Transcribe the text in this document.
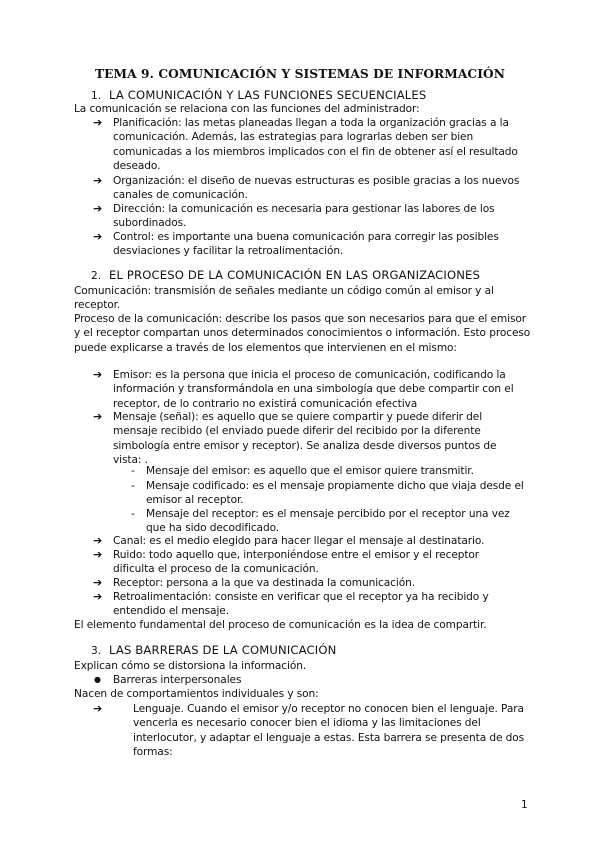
TEMA 9. COMUNICACIÓN Y SISTEMAS DE INFORMACIÓN
1. LA COMUNICACIÓN Y LAS FUNCIONES SECUENCIALES
La comunicación se relaciona con las funciones del administrador:
➔ Planificación: las metas planeadas llegan a toda la organización gracias a la comunicación. Además, las estrategias para lograrlas deben ser bien comunicadas a los miembros implicados con el fin de obtener así el resultado deseado.
➔ Organización: el diseño de nuevas estructuras es posible gracias a los nuevos canales de comunicación.
➔ Dirección: la comunicación es necesaria para gestionar las labores de los subordinados.
➔ Control: es importante una buena comunicación para corregir las posibles desviaciones y facilitar la retroalimentación.
2. EL PROCESO DE LA COMUNICACIÓN EN LAS ORGANIZACIONES
Comunicación: transmisión de señales mediante un código común al emisor y al receptor.
Proceso de la comunicación: describe los pasos que son necesarios para que el emisor y el receptor compartan unos determinados conocimientos o información. Esto proceso puede explicarse a través de los elementos que intervienen en el mismo:
➔ Emisor: es la persona que inicia el proceso de comunicación, codificando la información y transformándola en una simbología que debe compartir con el receptor, de lo contrario no existirá comunicación efectiva
➔ Mensaje (señal): es aquello que se quiere compartir y puede diferir del mensaje recibido (el enviado puede diferir del recibido por la diferente simbología entre emisor y receptor). Se analiza desde diversos puntos de vista: .
- Mensaje del emisor: es aquello que el emisor quiere transmitir.
- Mensaje codificado: es el mensaje propiamente dicho que viaja desde el emisor al receptor.
- Mensaje del receptor: es el mensaje percibido por el receptor una vez que ha sido decodificado.
➔ Canal: es el medio elegido para hacer llegar el mensaje al destinatario.
➔ Ruido: todo aquello que, interponiéndose entre el emisor y el receptor dificulta el proceso de la comunicación.
➔ Receptor: persona a la que va destinada la comunicación.
➔ Retroalimentación: consiste en verificar que el receptor ya ha recibido y entendido el mensaje.
El elemento fundamental del proceso de comunicación es la idea de compartir.
3. LAS BARRERAS DE LA COMUNICACIÓN
Explican cómo se distorsiona la información.
● Barreras interpersonales
Nacen de comportamientos individuales y son:
➔	Lenguaje. Cuando el emisor y/o receptor no conocen bien el lenguaje. Para vencerla es necesario conocer bien el idioma y las limitaciones del interlocutor, y adaptar el lenguaje a estas. Esta barrera se presenta de dos formas:
1
